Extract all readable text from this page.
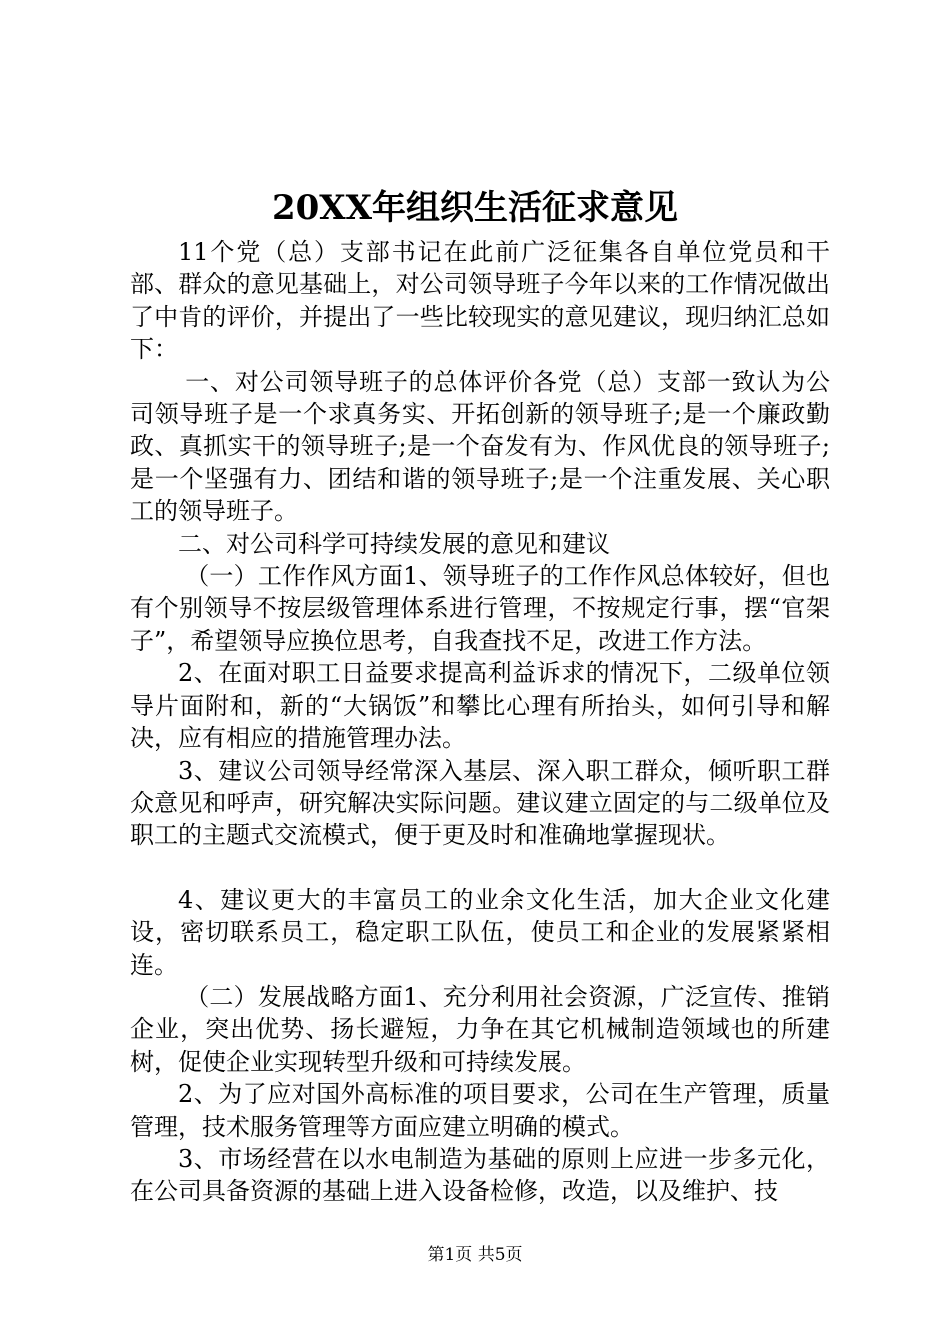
20XX年组织生活征求意见

11个党（总）支部书记在此前广泛征集各自单位党员和干部、群众的意见基础上，对公司领导班子今年以来的工作情况做出了中肯的评价，并提出了一些比较现实的意见建议，现归纳汇总如下：

一、对公司领导班子的总体评价各党（总）支部一致认为公司领导班子是一个求真务实、开拓创新的领导班子;是一个廉政勤政、真抓实干的领导班子;是一个奋发有为、作风优良的领导班子;是一个坚强有力、团结和谐的领导班子;是一个注重发展、关心职工的领导班子。

二、对公司科学可持续发展的意见和建议

（一）工作作风方面1、领导班子的工作作风总体较好，但也有个别领导不按层级管理体系进行管理，不按规定行事，摆“官架子”，希望领导应换位思考，自我查找不足，改进工作方法。

2、在面对职工日益要求提高利益诉求的情况下，二级单位领导片面附和，新的“大锅饭”和攀比心理有所抬头，如何引导和解决，应有相应的措施管理办法。

3、建议公司领导经常深入基层、深入职工群众，倾听职工群众意见和呼声，研究解决实际问题。建议建立固定的与二级单位及职工的主题式交流模式，便于更及时和准确地掌握现状。

4、建议更大的丰富员工的业余文化生活，加大企业文化建设，密切联系员工，稳定职工队伍，使员工和企业的发展紧紧相连。

（二）发展战略方面1、充分利用社会资源，广泛宣传、推销企业，突出优势、扬长避短，力争在其它机械制造领域也的所建树，促使企业实现转型升级和可持续发展。

2、为了应对国外高标准的项目要求，公司在生产管理，质量管理，技术服务管理等方面应建立明确的模式。

3、市场经营在以水电制造为基础的原则上应进一步多元化，在公司具备资源的基础上进入设备检修，改造，以及维护、技

第1页 共5页
